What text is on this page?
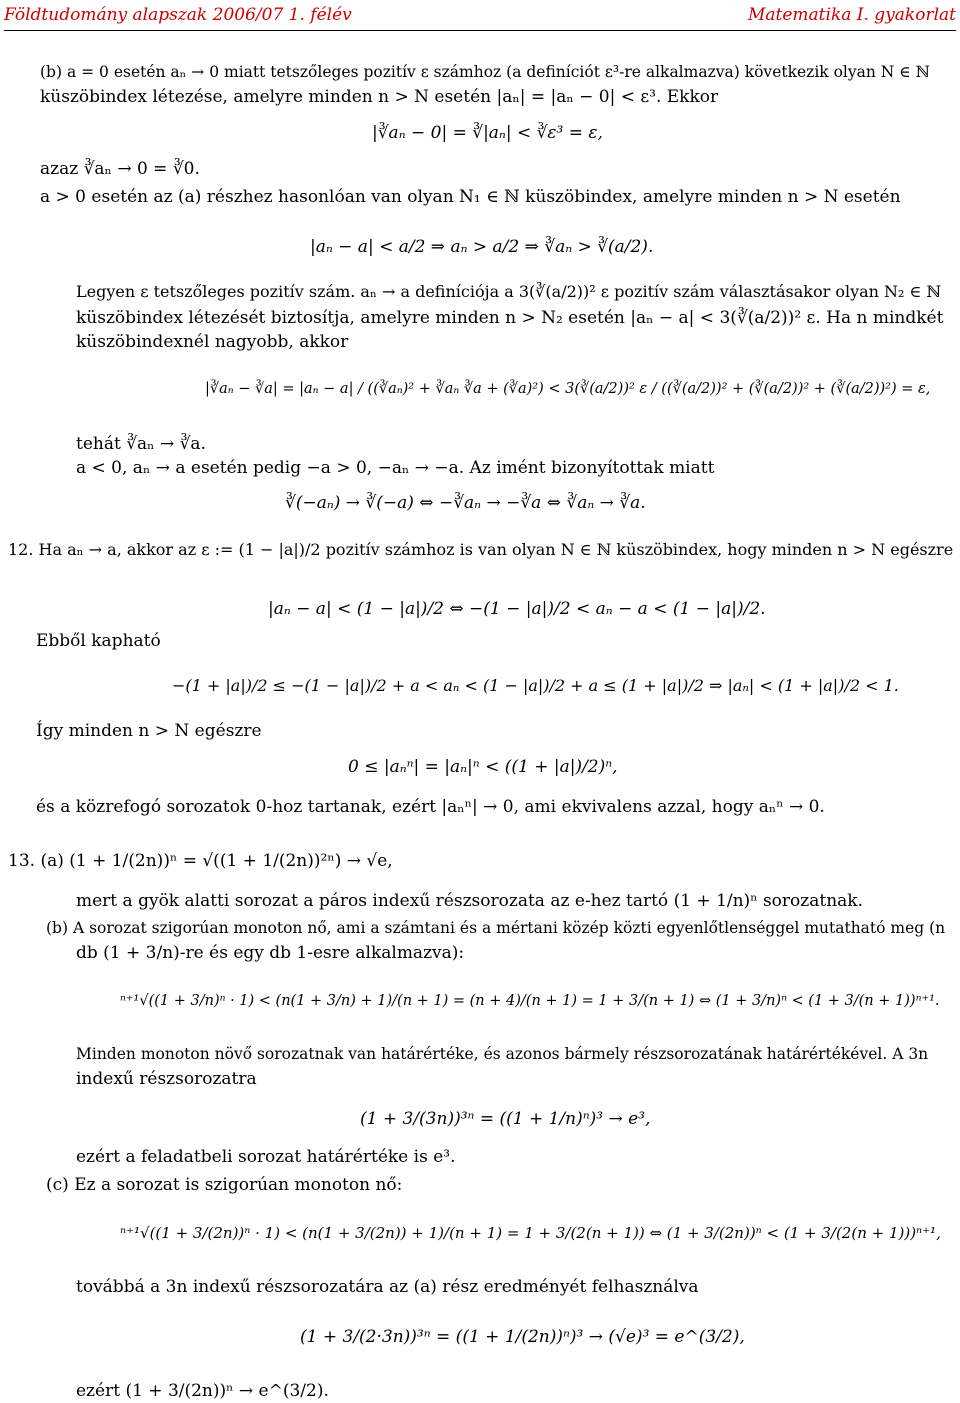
Földtudomány alapszak 2006/07 1. félév	Matematika I. gyakorlat
(b) a = 0 esetén aₙ → 0 miatt tetszőleges pozitív ε számhoz (a definíciót ε³-re alkalmazva) következik olyan N ∈ ℕ
küszöbindex létezése, amelyre minden n > N esetén |aₙ| = |aₙ − 0| < ε³. Ekkor
|∛aₙ − 0| = ∛|aₙ| < ∛ε³ = ε,
azaz ∛aₙ → 0 = ∛0.
a > 0 esetén az (a) részhez hasonlóan van olyan N₁ ∈ ℕ küszöbindex, amelyre minden n > N esetén
|aₙ − a| < a/2 ⇒ aₙ > a/2 ⇒ ∛aₙ > ∛(a/2).
Legyen ε tetszőleges pozitív szám. aₙ → a definíciója a 3(∛(a/2))² ε pozitív szám választásakor olyan N₂ ∈ ℕ
küszöbindex létezését biztosítja, amelyre minden n > N₂ esetén |aₙ − a| < 3(∛(a/2))² ε. Ha n mindkét
küszöbindexnél nagyobb, akkor
|∛aₙ − ∛a| = |aₙ − a| / ((∛aₙ)² + ∛aₙ ∛a + (∛a)²) < 3(∛(a/2))² ε / ((∛(a/2))² + (∛(a/2))² + (∛(a/2))²) = ε,
tehát ∛aₙ → ∛a.
a < 0, aₙ → a esetén pedig −a > 0, −aₙ → −a. Az imént bizonyítottak miatt
∛(−aₙ) → ∛(−a) ⇔ −∛aₙ → −∛a ⇔ ∛aₙ → ∛a.
12. Ha aₙ → a, akkor az ε := (1 − |a|)/2 pozitív számhoz is van olyan N ∈ ℕ küszöbindex, hogy minden n > N egészre
|aₙ − a| < (1 − |a|)/2 ⇔ −(1 − |a|)/2 < aₙ − a < (1 − |a|)/2.
Ebből kapható
−(1 + |a|)/2 ≤ −(1 − |a|)/2 + a < aₙ < (1 − |a|)/2 + a ≤ (1 + |a|)/2 ⇒ |aₙ| < (1 + |a|)/2 < 1.
Így minden n > N egészre
0 ≤ |aₙⁿ| = |aₙ|ⁿ < ((1 + |a|)/2)ⁿ,
és a közrefogó sorozatok 0-hoz tartanak, ezért |aₙⁿ| → 0, ami ekvivalens azzal, hogy aₙⁿ → 0.
13. (a) (1 + 1/(2n))ⁿ = √((1 + 1/(2n))²ⁿ) → √e,
mert a gyök alatti sorozat a páros indexű részsorozata az e-hez tartó (1 + 1/n)ⁿ sorozatnak.
(b) A sorozat szigorúan monoton nő, ami a számtani és a mértani közép közti egyenlőtlenséggel mutatható meg (n
db (1 + 3/n)-re és egy db 1-esre alkalmazva):
ⁿ⁺¹√((1 + 3/n)ⁿ · 1) < (n(1 + 3/n) + 1)/(n + 1) = (n + 4)/(n + 1) = 1 + 3/(n + 1) ⇔ (1 + 3/n)ⁿ < (1 + 3/(n + 1))ⁿ⁺¹.
Minden monoton növő sorozatnak van határértéke, és azonos bármely részsorozatának határértékével. A 3n
indexű részsorozatra
(1 + 3/(3n))³ⁿ = ((1 + 1/n)ⁿ)³ → e³,
ezért a feladatbeli sorozat határértéke is e³.
(c) Ez a sorozat is szigorúan monoton nő:
ⁿ⁺¹√((1 + 3/(2n))ⁿ · 1) < (n(1 + 3/(2n)) + 1)/(n + 1) = 1 + 3/(2(n + 1)) ⇔ (1 + 3/(2n))ⁿ < (1 + 3/(2(n + 1)))ⁿ⁺¹,
továbbá a 3n indexű részsorozatára az (a) rész eredményét felhasználva
(1 + 3/(2·3n))³ⁿ = ((1 + 1/(2n))ⁿ)³ → (√e)³ = e^(3/2),
ezért (1 + 3/(2n))ⁿ → e^(3/2).
